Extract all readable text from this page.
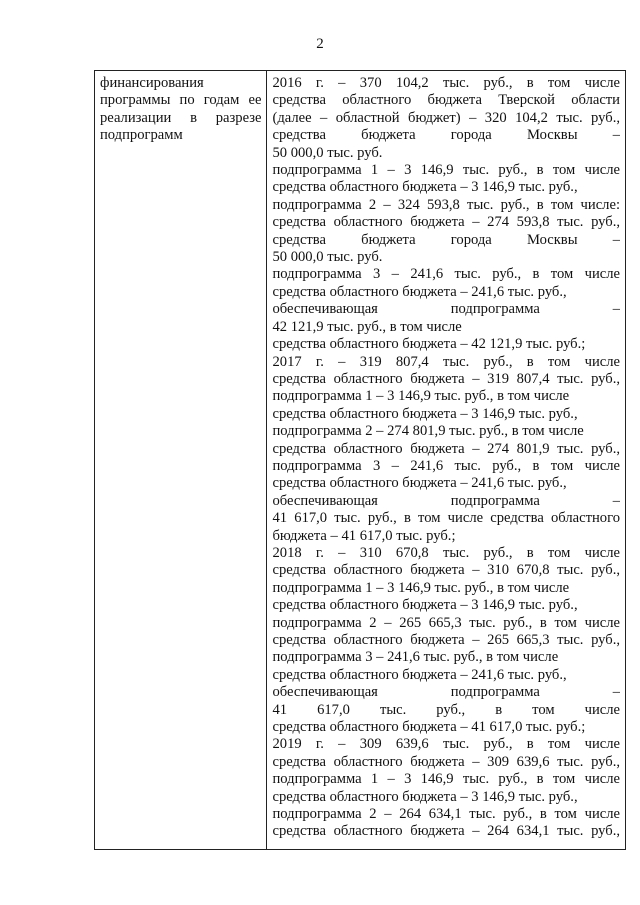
2
финансирования программы по годам ее реализации в разрезе подпрограмм

2016 г. – 370 104,2 тыс. руб., в том числе
средства областного бюджета Тверской области
(далее – областной бюджет) – 320 104,2 тыс. руб.,
средства бюджета города Москвы –
50 000,0 тыс. руб.
подпрограмма 1 – 3 146,9 тыс. руб., в том числе
средства областного бюджета – 3 146,9 тыс. руб.,
подпрограмма 2 – 324 593,8 тыс. руб., в том числе:
средства областного бюджета – 274 593,8 тыс. руб.,
средства бюджета города Москвы –
50 000,0 тыс. руб.
подпрограмма 3 – 241,6 тыс. руб., в том числе
средства областного бюджета – 241,6 тыс. руб.,
обеспечивающая подпрограмма –
42 121,9 тыс. руб., в том числе
средства областного бюджета – 42 121,9 тыс. руб.;
2017 г. – 319 807,4 тыс. руб., в том числе
средства областного бюджета – 319 807,4 тыс. руб.,
подпрограмма 1 – 3 146,9 тыс. руб., в том числе
средства областного бюджета – 3 146,9 тыс. руб.,
подпрограмма 2 – 274 801,9 тыс. руб., в том числе
средства областного бюджета – 274 801,9 тыс. руб.,
подпрограмма 3 – 241,6 тыс. руб., в том числе
средства областного бюджета – 241,6 тыс. руб.,
обеспечивающая подпрограмма –
41 617,0 тыс. руб., в том числе средства областного
бюджета – 41 617,0 тыс. руб.;
2018 г. – 310 670,8 тыс. руб., в том числе
средства областного бюджета – 310 670,8 тыс. руб.,
подпрограмма 1 – 3 146,9 тыс. руб., в том числе
средства областного бюджета – 3 146,9 тыс. руб.,
подпрограмма 2 – 265 665,3 тыс. руб., в том числе
средства областного бюджета – 265 665,3 тыс. руб.,
подпрограмма 3 – 241,6 тыс. руб., в том числе
средства областного бюджета – 241,6 тыс. руб.,
обеспечивающая подпрограмма –
41 617,0 тыс. руб., в том числе
средства областного бюджета – 41 617,0 тыс. руб.;
2019 г. – 309 639,6 тыс. руб., в том числе
средства областного бюджета – 309 639,6 тыс. руб.,
подпрограмма 1 – 3 146,9 тыс. руб., в том числе
средства областного бюджета – 3 146,9 тыс. руб.,
подпрограмма 2 – 264 634,1 тыс. руб., в том числе
средства областного бюджета – 264 634,1 тыс. руб.,
